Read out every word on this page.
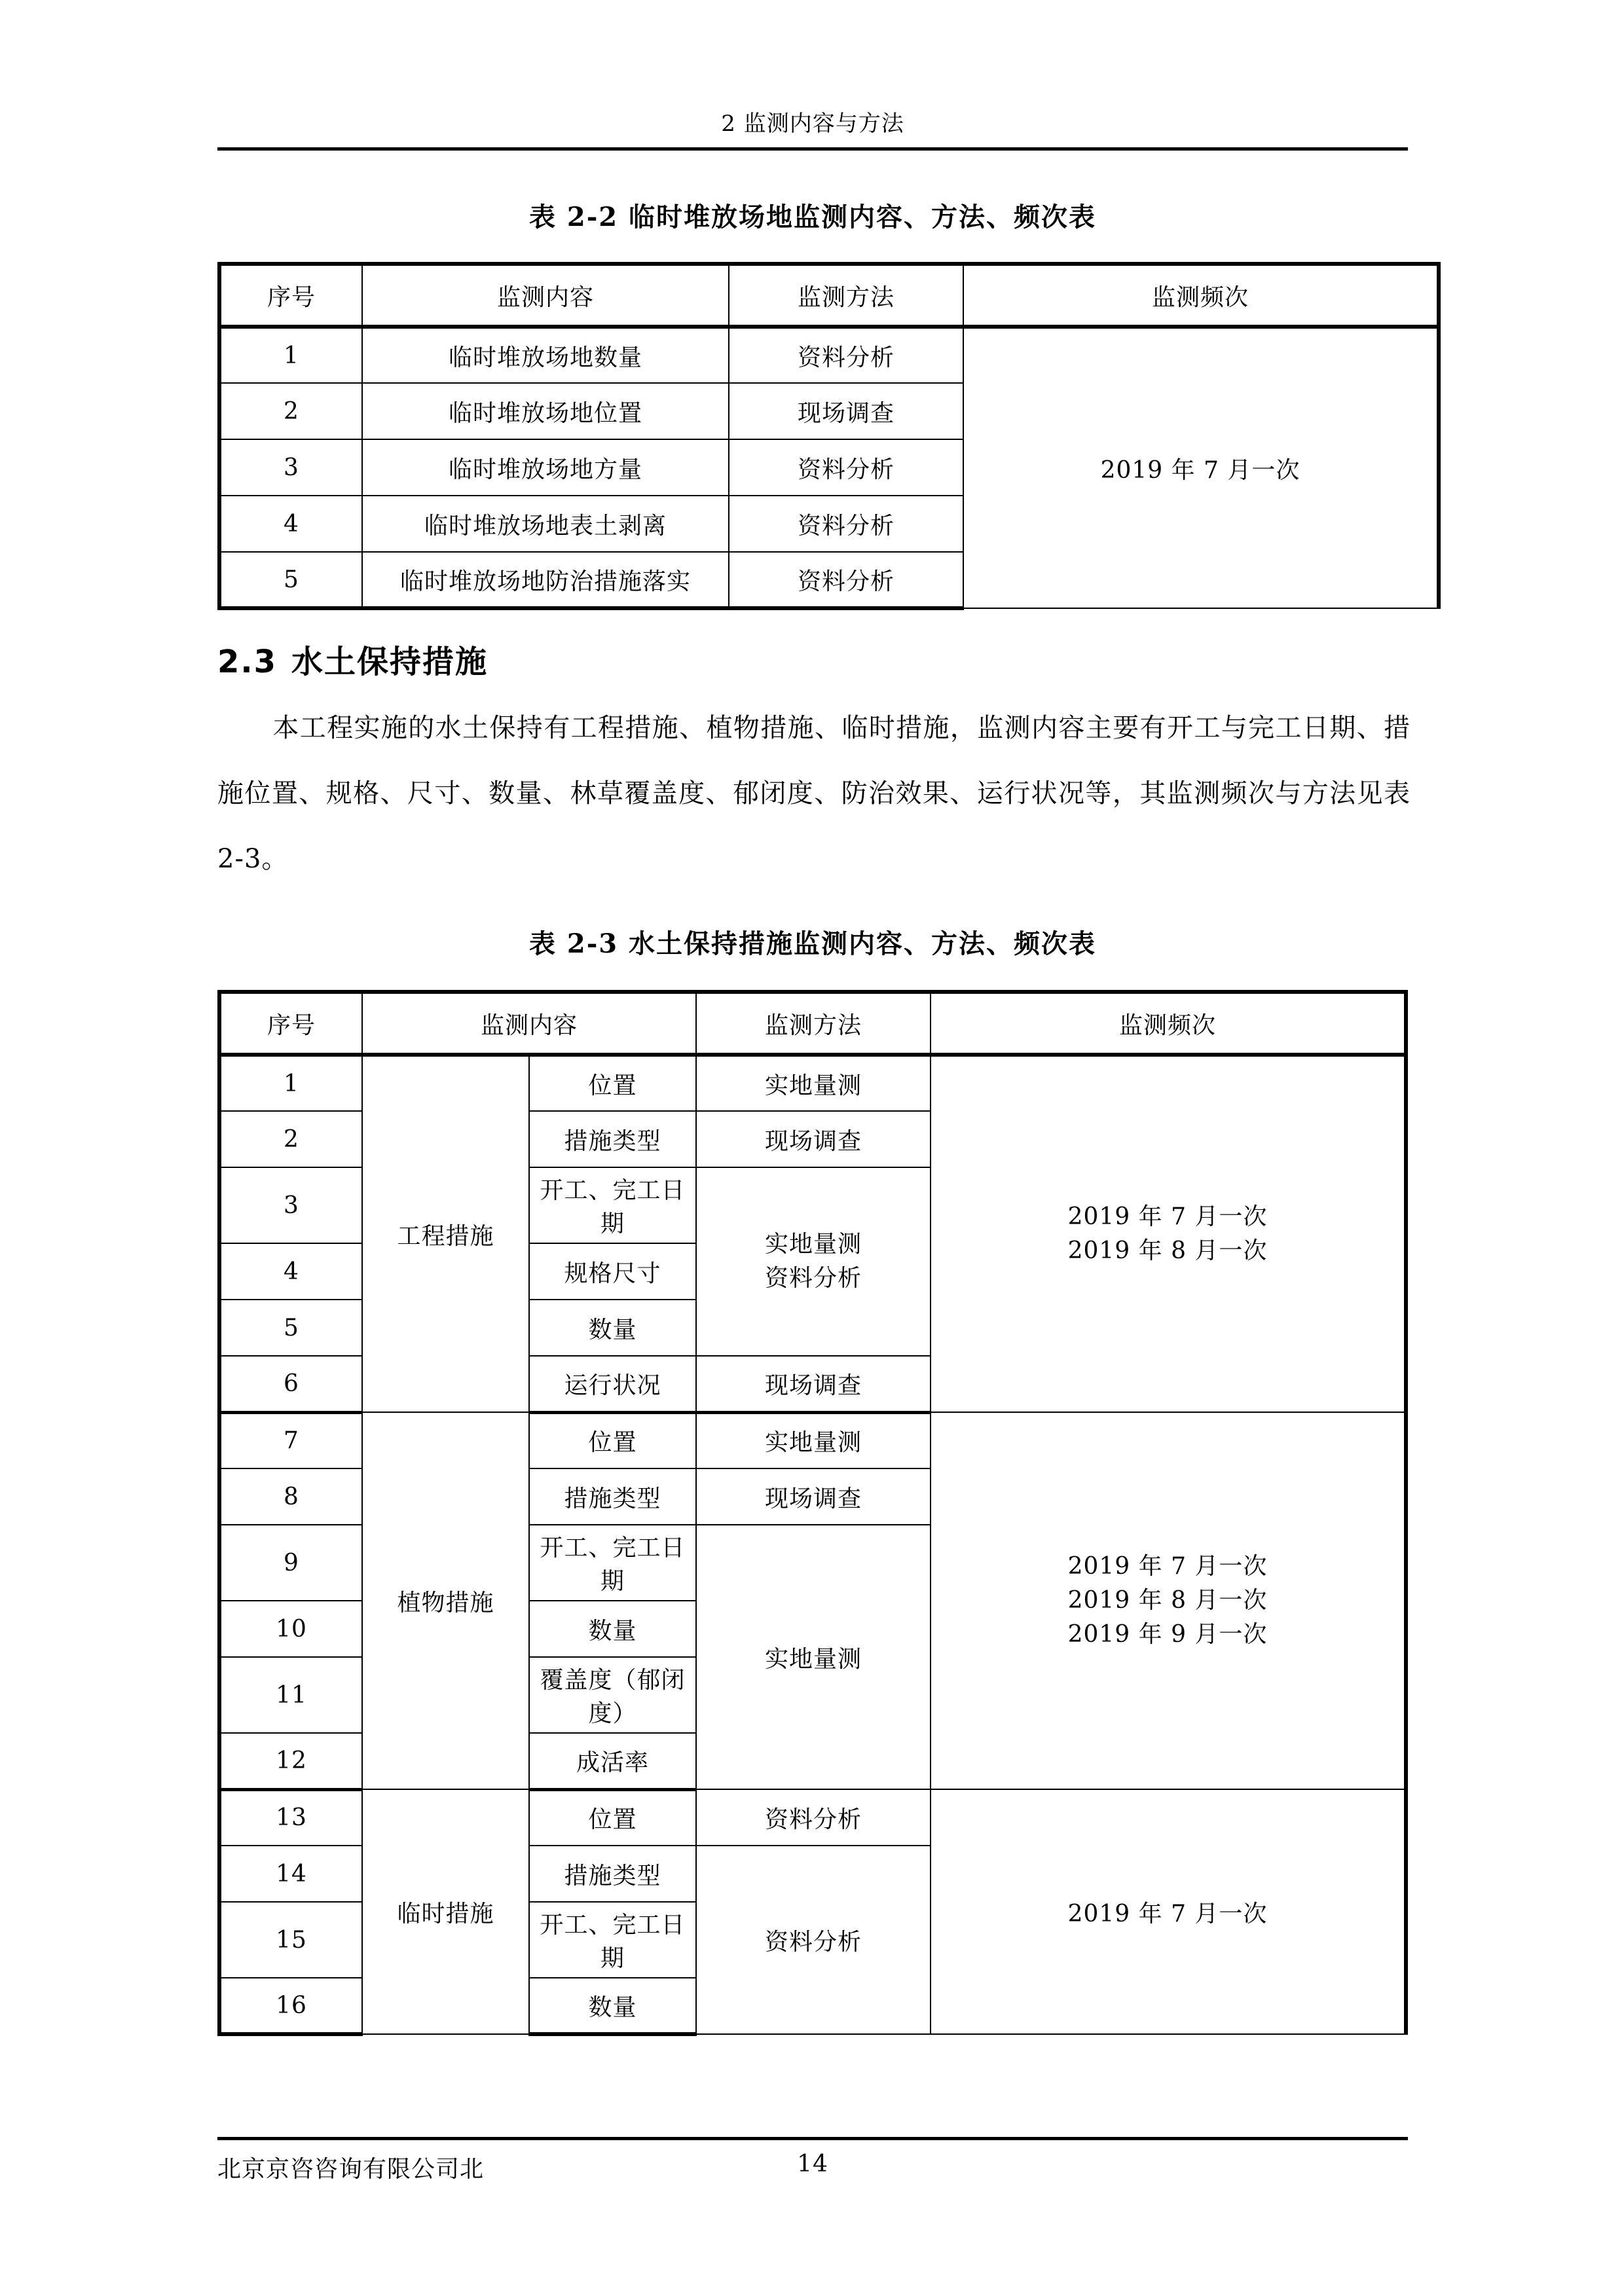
2 监测内容与方法
表 2-2 临时堆放场地监测内容、方法、频次表
序号	监测内容	监测方法	监测频次
1	临时堆放场地数量	资料分析	2019 年 7 月一次
2	临时堆放场地位置	现场调查	
3	临时堆放场地方量	资料分析	
4	临时堆放场地表土剥离	资料分析	
5	临时堆放场地防治措施落实	资料分析	
2.3 水土保持措施
本工程实施的水土保持有工程措施、植物措施、临时措施，监测内容主要有开工与完工日期、措施位置、规格、尺寸、数量、林草覆盖度、郁闭度、防治效果、运行状况等，其监测频次与方法见表 2-3。
表 2-3 水土保持措施监测内容、方法、频次表
序号	监测内容		监测方法	监测频次
1	工程措施	位置	实地量测	2019 年 7 月一次
2019 年 8 月一次

2		措施类型	现场调查	
3		开工、完工日期	实地量测
资料分析	

4		规格尺寸		
5		数量		
6		运行状况	现场调查	
7	植物措施	位置	实地量测	2019 年 7 月一次
2019 年 8 月一次
2019 年 9 月一次

8		措施类型	现场调查	
9		开工、完工日期	实地量测	
10		数量		
11		覆盖度（郁闭度）		
12		成活率		
13	临时措施	位置	资料分析	2019 年 7 月一次
14		措施类型	资料分析	
15		开工、完工日期		
16		数量		
北京京咨咨询有限公司北	14
